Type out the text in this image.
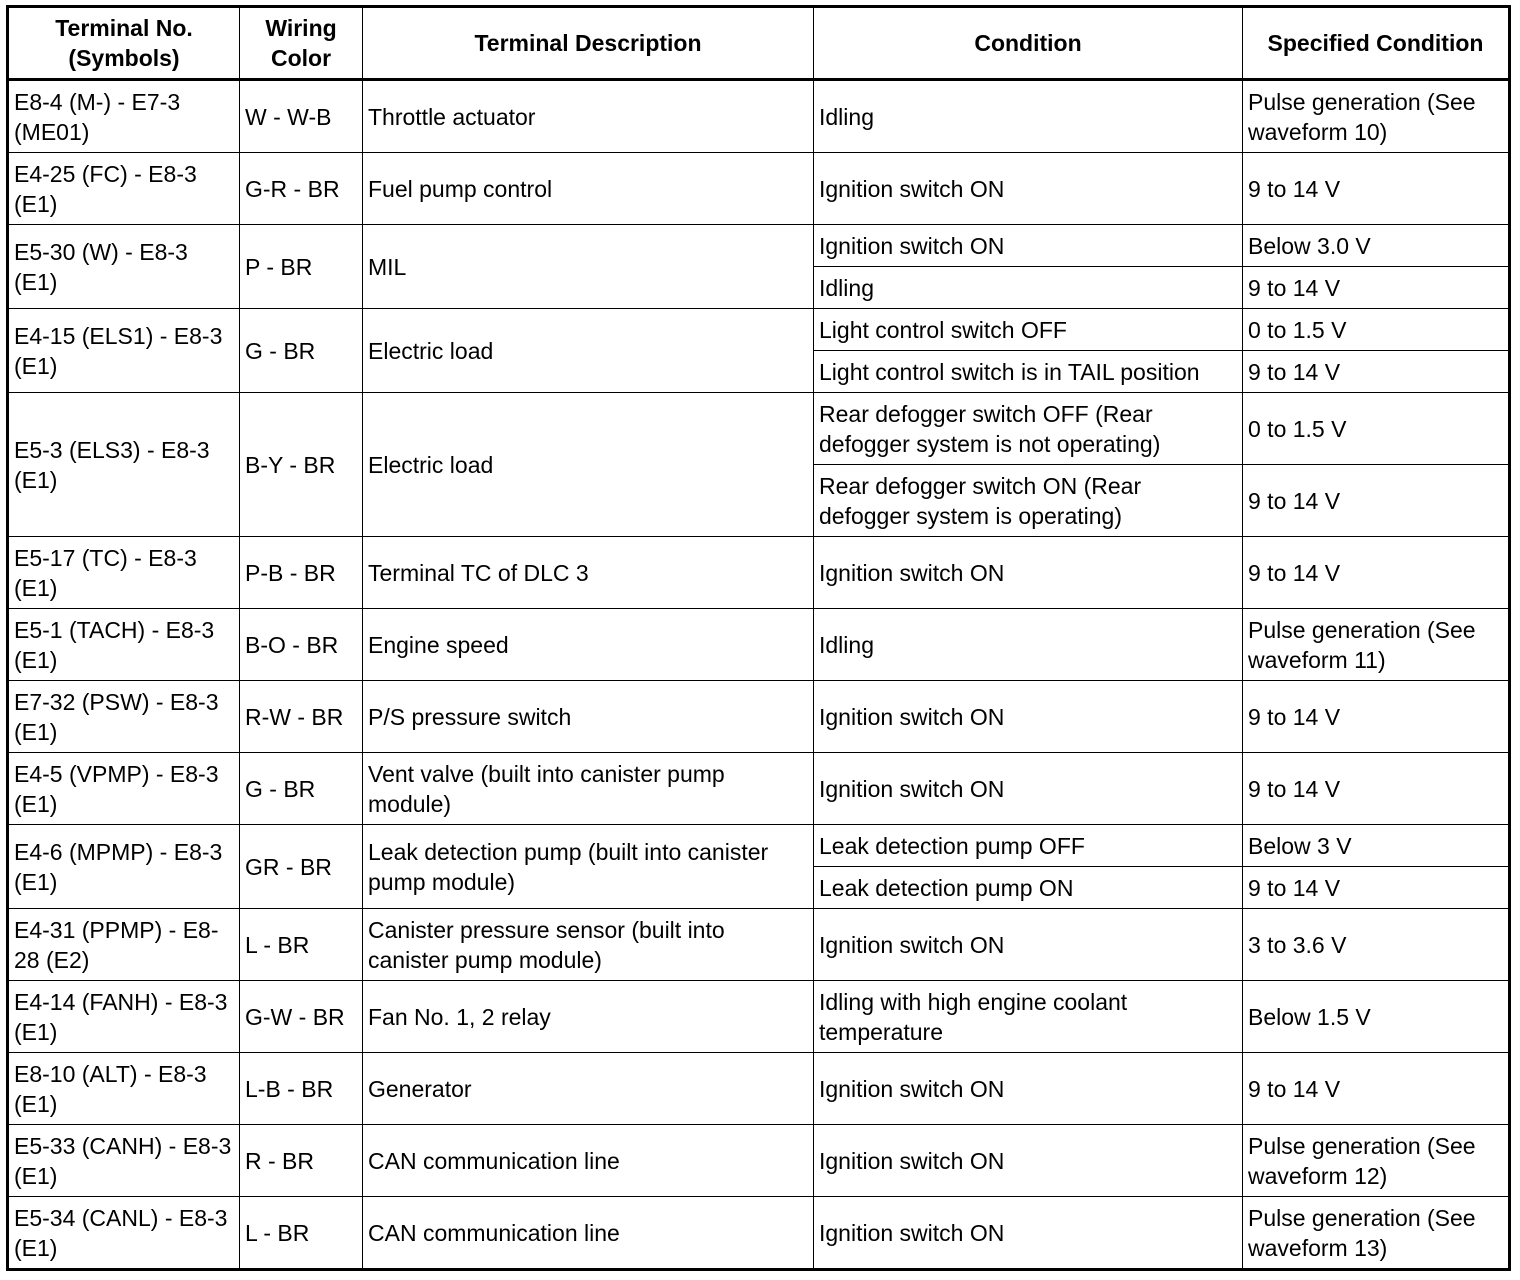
Terminal No. (Symbols)	Wiring Color	Terminal Description	Condition	Specified Condition
E8-4 (M-) - E7-3 (ME01)	W - W-B	Throttle actuator	Idling	Pulse generation (See waveform 10)
E4-25 (FC) - E8-3 (E1)	G-R - BR	Fuel pump control	Ignition switch ON	9 to 14 V
E5-30 (W) - E8-3 (E1)	P - BR	MIL	Ignition switch ON	Below 3.0 V
			Idling	9 to 14 V
E4-15 (ELS1) - E8-3 (E1)	G - BR	Electric load	Light control switch OFF	0 to 1.5 V
			Light control switch is in TAIL position	9 to 14 V
E5-3 (ELS3) - E8-3 (E1)	B-Y - BR	Electric load	Rear defogger switch OFF (Rear defogger system is not operating)	0 to 1.5 V
			Rear defogger switch ON (Rear defogger system is operating)	9 to 14 V
E5-17 (TC) - E8-3 (E1)	P-B - BR	Terminal TC of DLC 3	Ignition switch ON	9 to 14 V
E5-1 (TACH) - E8-3 (E1)	B-O - BR	Engine speed	Idling	Pulse generation (See waveform 11)
E7-32 (PSW) - E8-3 (E1)	R-W - BR	P/S pressure switch	Ignition switch ON	9 to 14 V
E4-5 (VPMP) - E8-3 (E1)	G - BR	Vent valve (built into canister pump module)	Ignition switch ON	9 to 14 V
E4-6 (MPMP) - E8-3 (E1)	GR - BR	Leak detection pump (built into canister pump module)	Leak detection pump OFF	Below 3 V
			Leak detection pump ON	9 to 14 V
E4-31 (PPMP) - E8-28 (E2)	L - BR	Canister pressure sensor (built into canister pump module)	Ignition switch ON	3 to 3.6 V
E4-14 (FANH) - E8-3 (E1)	G-W - BR	Fan No. 1, 2 relay	Idling with high engine coolant temperature	Below 1.5 V
E8-10 (ALT) - E8-3 (E1)	L-B - BR	Generator	Ignition switch ON	9 to 14 V
E5-33 (CANH) - E8-3 (E1)	R - BR	CAN communication line	Ignition switch ON	Pulse generation (See waveform 12)
E5-34 (CANL) - E8-3 (E1)	L - BR	CAN communication line	Ignition switch ON	Pulse generation (See waveform 13)
